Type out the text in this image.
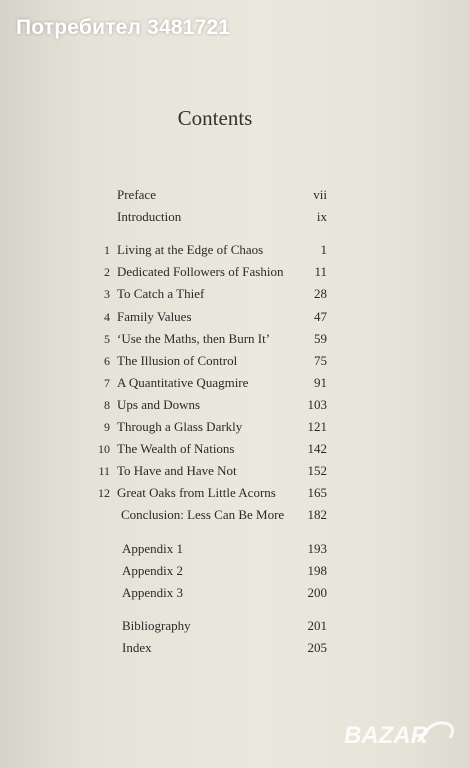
Потребител 3481721
Contents
Preface	vii
Introduction	ix
1 Living at the Edge of Chaos	1
2 Dedicated Followers of Fashion 11
3 To Catch a Thief	28
4 Family Values	47
5 ‘Use the Maths, then Burn It’	59
6 The Illusion of Control	75
7 A Quantitative Quagmire	91
8 Ups and Downs	103
9 Through a Glass Darkly	121
10 The Wealth of Nations	142
11 To Have and Have Not	152
12 Great Oaks from Little Acorns 165
Conclusion: Less Can Be More 182
Appendix 1	193
Appendix 2	198
Appendix 3	200
Bibliography	201
Index	205
BAZAR
